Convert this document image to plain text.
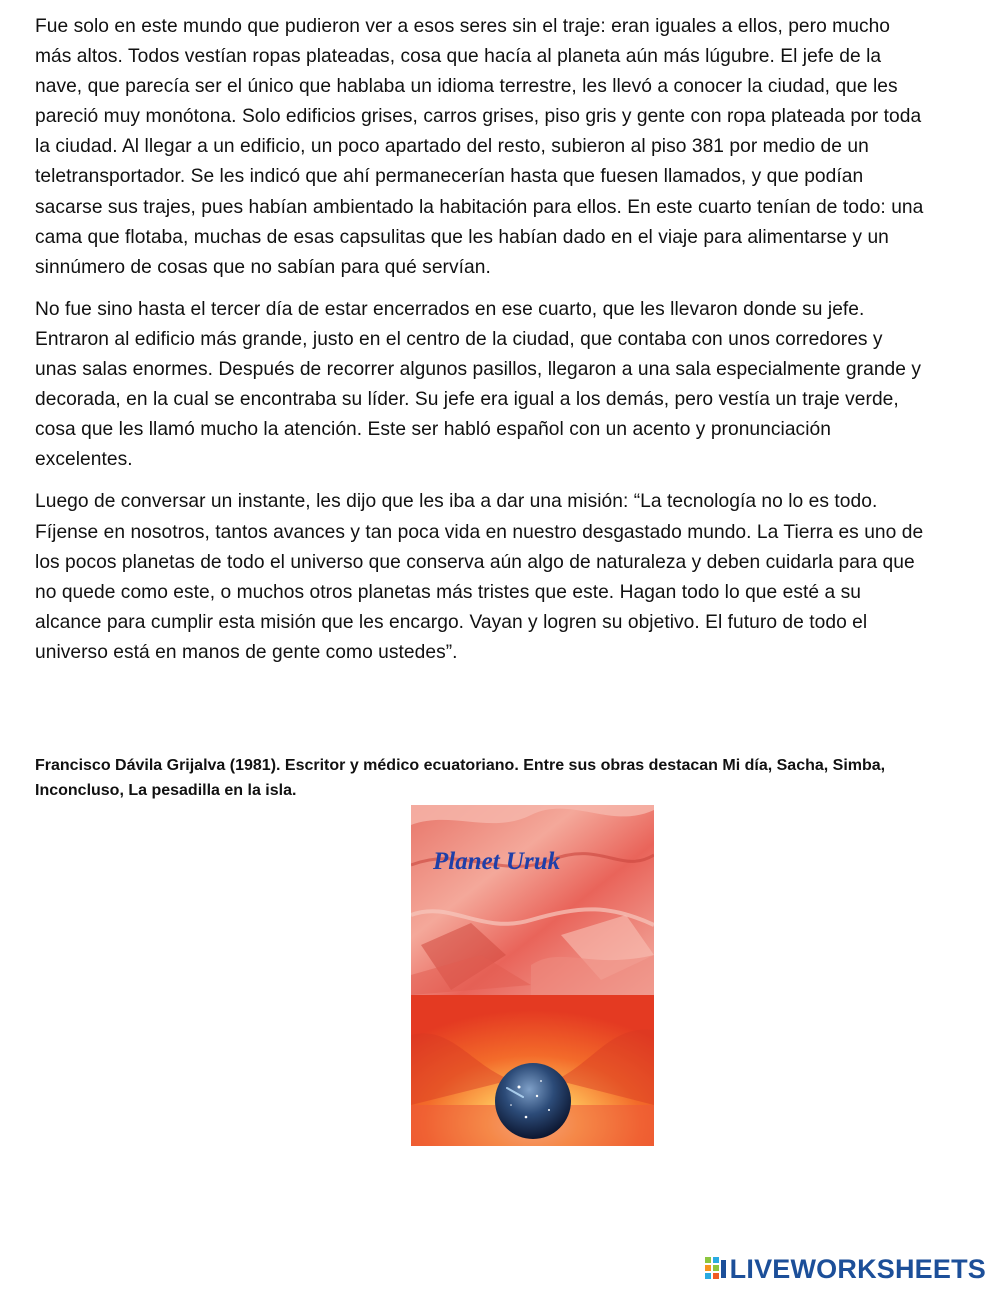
Fue solo en este mundo que pudieron ver a esos seres sin el traje: eran iguales a ellos, pero mucho más altos. Todos vestían ropas plateadas, cosa que hacía al planeta aún más lúgubre. El jefe de la nave, que parecía ser el único que hablaba un idioma terrestre, les llevó a conocer la ciudad, que les pareció muy monótona. Solo edificios grises, carros grises, piso gris y gente con ropa plateada por toda la ciudad. Al llegar a un edificio, un poco apartado del resto, subieron al piso 381 por medio de un teletransportador. Se les indicó que ahí permanecerían hasta que fuesen llamados, y que podían sacarse sus trajes, pues habían ambientado la habitación para ellos. En este cuarto tenían de todo: una cama que flotaba, muchas de esas capsulitas que les habían dado en el viaje para alimentarse y un sinnúmero de cosas que no sabían para qué servían.

No fue sino hasta el tercer día de estar encerrados en ese cuarto, que les llevaron donde su jefe. Entraron al edificio más grande, justo en el centro de la ciudad, que contaba con unos corredores y unas salas enormes. Después de recorrer algunos pasillos, llegaron a una sala especialmente grande y decorada, en la cual se encontraba su líder. Su jefe era igual a los demás, pero vestía un traje verde, cosa que les llamó mucho la atención. Este ser habló español con un acento y pronunciación excelentes.

Luego de conversar un instante, les dijo que les iba a dar una misión: “La tecnología no lo es todo. Fíjense en nosotros, tantos avances y tan poca vida en nuestro desgastado mundo. La Tierra es uno de los pocos planetas de todo el universo que conserva aún algo de naturaleza y deben cuidarla para que no quede como este, o muchos otros planetas más tristes que este. Hagan todo lo que esté a su alcance para cumplir esta misión que les encargo. Vayan y logren su objetivo. El futuro de todo el universo está en manos de gente como ustedes”.

Francisco Dávila Grijalva (1981). Escritor y médico ecuatoriano. Entre sus obras destacan Mi día, Sacha, Simba, Inconcluso, La pesadilla en la isla.

Planet Uruk
LIVEWORKSHEETS
